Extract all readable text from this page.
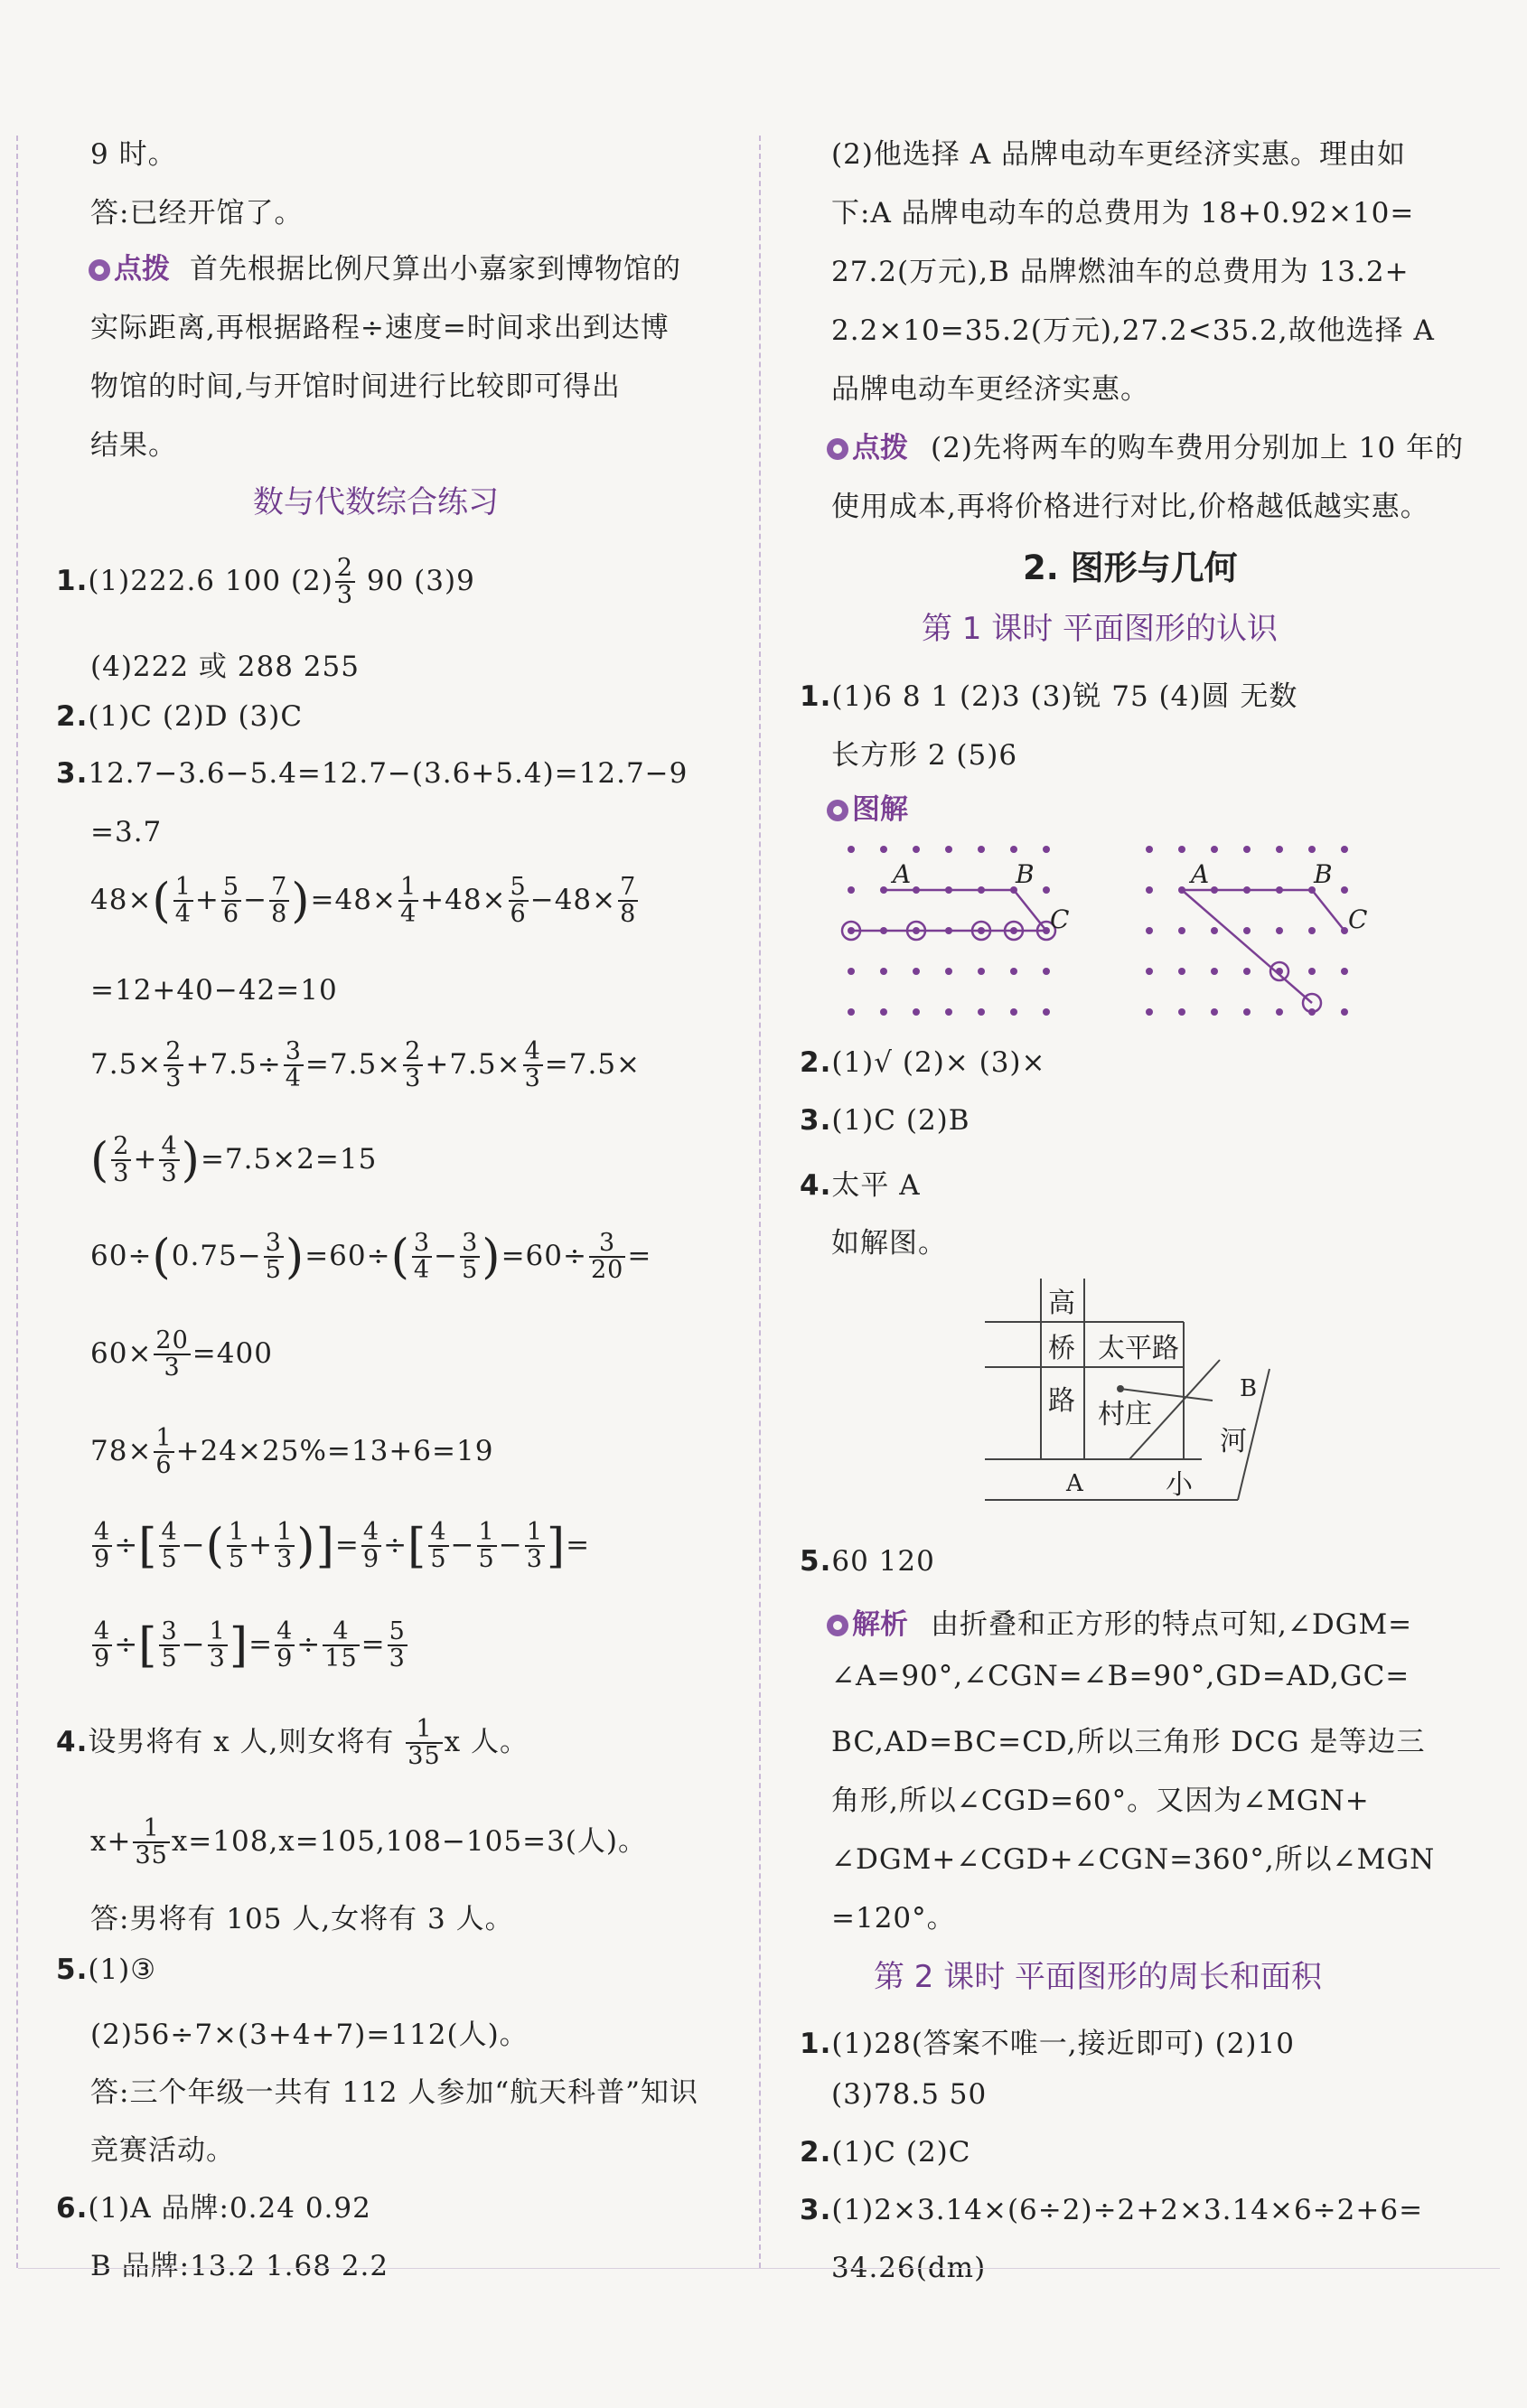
9 时。
答:已经开馆了。
点拨 首先根据比例尺算出小嘉家到博物馆的
实际距离,再根据路程÷速度=时间求出到达博
物馆的时间,与开馆时间进行比较即可得出
结果。
数与代数综合练习
1.(1)222.6 100 $(2) \frac{2}{3} 90$ (3)9
(4)222 或 288 255
2.(1)C (2)D (3)C
3.12.7−3.6−5.4=12.7−(3.6+5.4)=12.7−9
=3.7
$48\times( \frac{1}{4} + \frac{5}{6} - \frac{7}{8} )=48\times \frac{1}{4} +48\times \frac{5}{6} -48\times \frac{7}{8}$
=12+40−42=10
$7.5\times \frac{2}{3} +7.5\div \frac{3}{4} =7.5\times \frac{2}{3} +7.5\times \frac{4}{3} =7.5\times$
( $\frac{2}{3} + \frac{4}{3} )=7.5\times 2=15$
$60\div(0.75- \frac{3}{5} )=60\div( \frac{3}{4} - \frac{3}{5} )=60\div \frac{3}{20}$ =
$60\times \frac{20}{3} =400$
$78\times \frac{1}{6} +24\times 25\%=13+6=19$
$\frac{4}{9}$ ÷[ $\frac{4}{5}$ −( $\frac{1}{5} + \frac{1}{3}$ )]= $\frac{4}{9}$ ÷[ $\frac{4}{5} - \frac{1}{5} - \frac{1}{3}$ ]=
$\frac{4}{9}$ ÷[ $\frac{3}{5} - \frac{1}{3}$ ]= $\frac{4}{9} \div \frac{4}{15} = \frac{5}{3}$
4.设男将有 x 人,则女将有 $\frac{1}{35}$ x 人。
$x+ \frac{1}{35} x=108,x=105,108-105=3$(人)。
答:男将有 105 人,女将有 3 人。
5.(1)③
(2)56÷7×(3+4+7)=112(人)。
答:三个年级一共有 112 人参加“航天科普”知识
竞赛活动。
6.(1)A 品牌:0.24 0.92
B 品牌:13.2 1.68 2.2
(2)他选择 A 品牌电动车更经济实惠。理由如
下:A 品牌电动车的总费用为 18+0.92×10=
27.2(万元),B 品牌燃油车的总费用为 13.2+
2.2×10=35.2(万元),27.2<35.2,故他选择 A
品牌电动车更经济实惠。
点拨 (2)先将两车的购车费用分别加上 10 年的
使用成本,再将价格进行对比,价格越低越实惠。
2. 图形与几何
第 1 课时 平面图形的认识
1.(1)6 8 1 (2)3 (3)锐 75 (4)圆 无数
长方形 2 (5)6
图解
A	B
C
A	B
C
2.(1)√ (2)× (3)×
3.(1)C (2)B
4.太平 A
如解图。
高
桥
路
太平路
村庄
B
河
A	小
5.60 120
解析 由折叠和正方形的特点可知,∠DGM=
∠A=90°,∠CGN=∠B=90°,GD=AD,GC=
BC,AD=BC=CD,所以三角形 DCG 是等边三
角形,所以∠CGD=60°。又因为∠MGN+
∠DGM+∠CGD+∠CGN=360°,所以∠MGN
=120°。
第 2 课时 平面图形的周长和面积
1.(1)28(答案不唯一,接近即可) (2)10
(3)78.5 50
2.(1)C (2)C
3.(1)2×3.14×(6÷2)÷2+2×3.14×6÷2+6=
34.26(dm)
